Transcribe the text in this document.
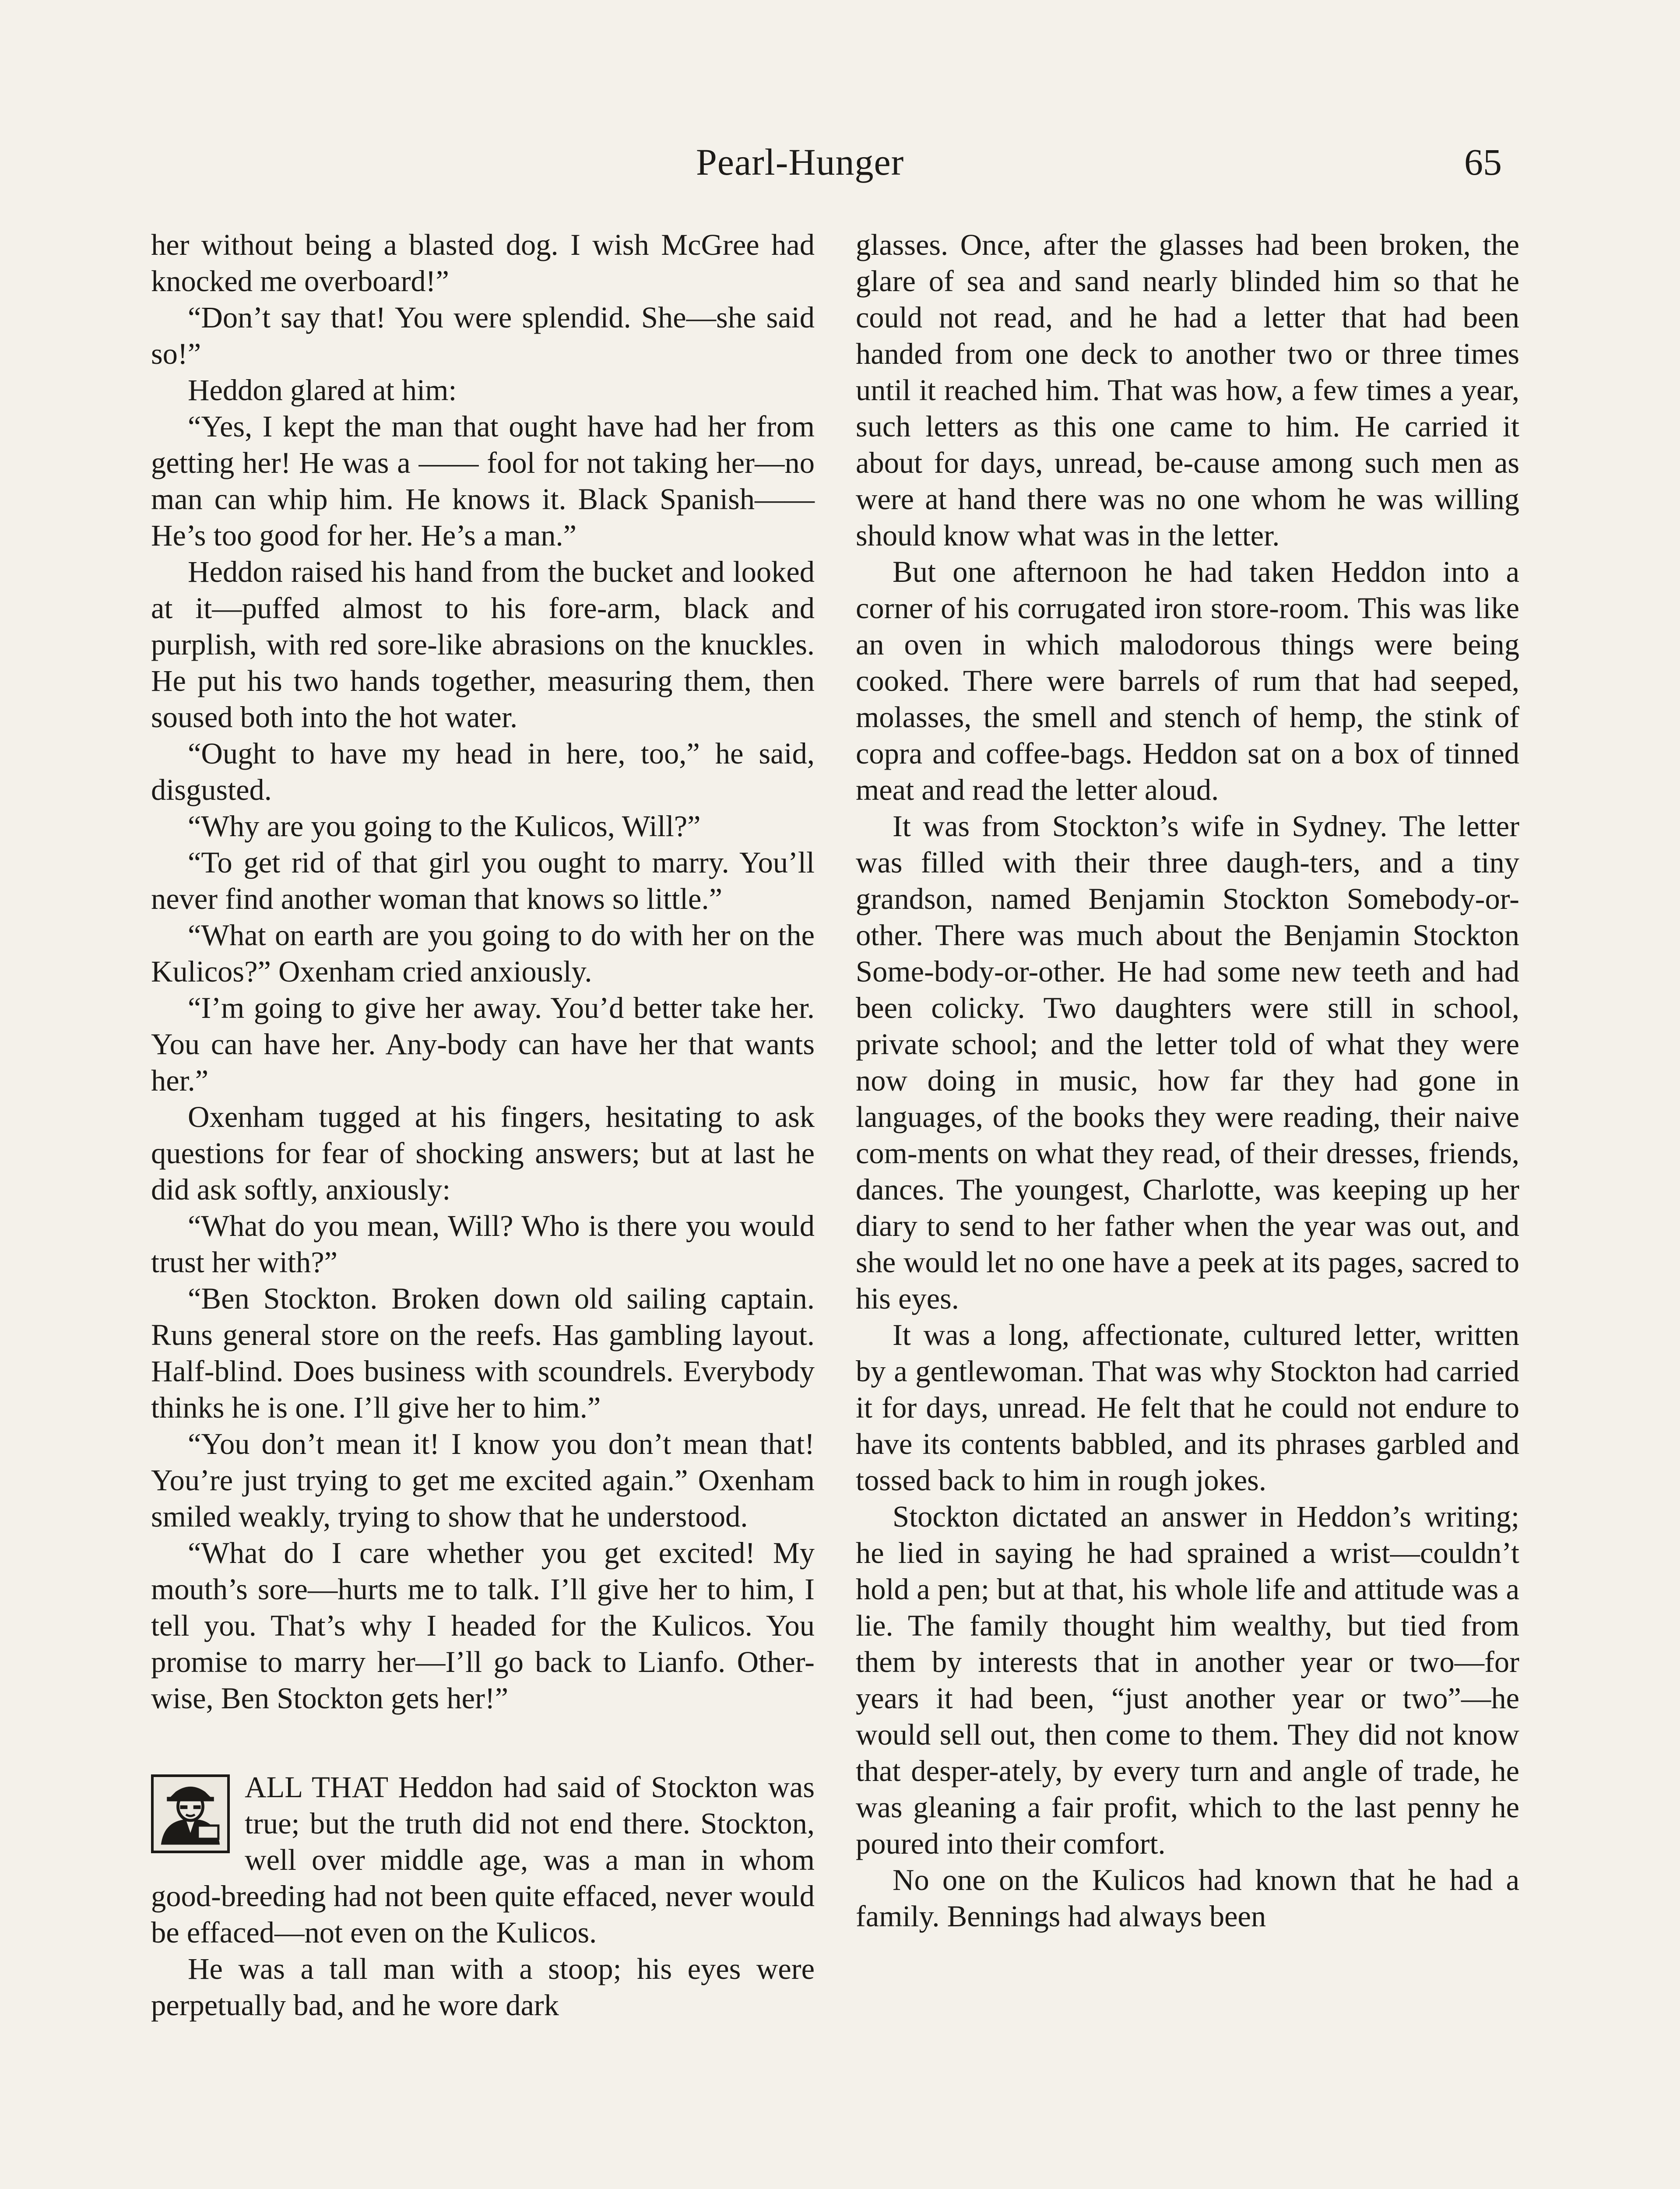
Pearl-Hunger	65

her without being a blasted dog. I wish McGree had knocked me overboard!”

“Don’t say that! You were splendid. She—she said so!”

Heddon glared at him:

“Yes, I kept the man that ought have had her from getting her! He was a —— fool for not taking her—no man can whip him. He knows it. Black Spanish—— He’s too good for her. He’s a man.”

Heddon raised his hand from the bucket and looked at it—puffed almost to his fore-arm, black and purplish, with red sore-like abrasions on the knuckles. He put his two hands together, measuring them, then soused both into the hot water.

“Ought to have my head in here, too,” he said, disgusted.

“Why are you going to the Kulicos, Will?”

“To get rid of that girl you ought to marry. You’ll never find another woman that knows so little.”

“What on earth are you going to do with her on the Kulicos?” Oxenham cried anxiously.

“I’m going to give her away. You’d better take her. You can have her. Any-body can have her that wants her.”

Oxenham tugged at his fingers, hesitating to ask questions for fear of shocking answers; but at last he did ask softly, anxiously:

“What do you mean, Will? Who is there you would trust her with?”

“Ben Stockton. Broken down old sailing captain. Runs general store on the reefs. Has gambling layout. Half-blind. Does business with scoundrels. Everybody thinks he is one. I’ll give her to him.”

“You don’t mean it! I know you don’t mean that! You’re just trying to get me excited again.” Oxenham smiled weakly, trying to show that he understood.

“What do I care whether you get excited! My mouth’s sore—hurts me to talk. I’ll give her to him, I tell you. That’s why I headed for the Kulicos. You promise to marry her—I’ll go back to Lianfo. Other-wise, Ben Stockton gets her!”

ALL THAT Heddon had said of Stockton was true; but the truth did not end there. Stockton, well over middle age, was a man in whom good-breeding had not been quite effaced, never would be effaced—not even on the Kulicos.

He was a tall man with a stoop; his eyes were perpetually bad, and he wore dark

glasses. Once, after the glasses had been broken, the glare of sea and sand nearly blinded him so that he could not read, and he had a letter that had been handed from one deck to another two or three times until it reached him. That was how, a few times a year, such letters as this one came to him. He carried it about for days, unread, be-cause among such men as were at hand there was no one whom he was willing should know what was in the letter.

But one afternoon he had taken Heddon into a corner of his corrugated iron store-room. This was like an oven in which malodorous things were being cooked. There were barrels of rum that had seeped, molasses, the smell and stench of hemp, the stink of copra and coffee-bags. Heddon sat on a box of tinned meat and read the letter aloud.

It was from Stockton’s wife in Sydney. The letter was filled with their three daugh-ters, and a tiny grandson, named Benjamin Stockton Somebody-or-other. There was much about the Benjamin Stockton Some-body-or-other. He had some new teeth and had been colicky. Two daughters were still in school, private school; and the letter told of what they were now doing in music, how far they had gone in languages, of the books they were reading, their naive com-ments on what they read, of their dresses, friends, dances. The youngest, Charlotte, was keeping up her diary to send to her father when the year was out, and she would let no one have a peek at its pages, sacred to his eyes.

It was a long, affectionate, cultured letter, written by a gentlewoman. That was why Stockton had carried it for days, unread. He felt that he could not endure to have its contents babbled, and its phrases garbled and tossed back to him in rough jokes.

Stockton dictated an answer in Heddon’s writing; he lied in saying he had sprained a wrist—couldn’t hold a pen; but at that, his whole life and attitude was a lie. The family thought him wealthy, but tied from them by interests that in another year or two—for years it had been, “just another year or two”—he would sell out, then come to them. They did not know that desper-ately, by every turn and angle of trade, he was gleaning a fair profit, which to the last penny he poured into their comfort.

No one on the Kulicos had known that he had a family. Bennings had always been
